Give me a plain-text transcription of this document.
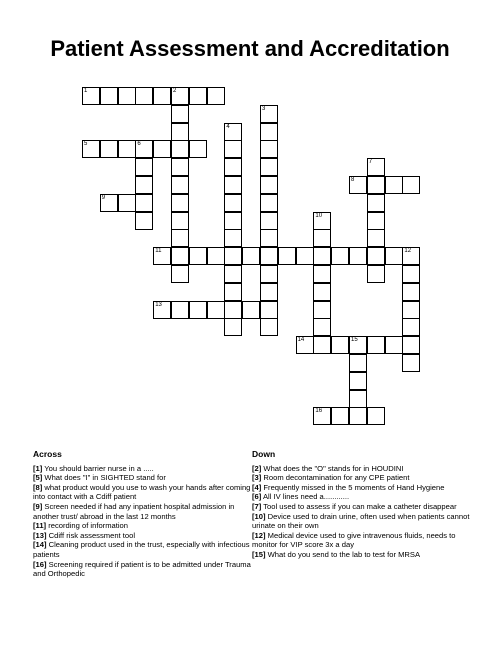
Patient Assessment and Accreditation
1	2
5	6
8
9
11
13
14	15
16
3
4
7
10
12
Across

[1] You should barrier nurse in a .....

[5] What does "I" in SIGHTED stand for

[8] what product would you use to wash your hands after coming into contact with a Cdiff patient

[9] Screen needed if had any inpatient hospital admission in another trust/ abroad in the last 12 months

[11] recording of information

[13] Cdiff risk assessment tool

[14] Cleaning product used in the trust, especially with infectious patients

[16] Screening required if patient is to be admitted under Trauma and Orthopedic

Down

[2] What does the "O" stands for in HOUDINI

[3] Room decontamination for any CPE patient

[4] Frequently missed in the 5 moments of Hand Hygiene

[6] All IV lines need a............

[7] Tool used to assess if you can make a catheter disappear

[10] Device used to drain urine, often used when patients cannot urinate on their own

[12] Medical device used to give intravenous fluids, needs to monitor for VIP score 3x a day

[15] What do you send to the lab to test for MRSA
